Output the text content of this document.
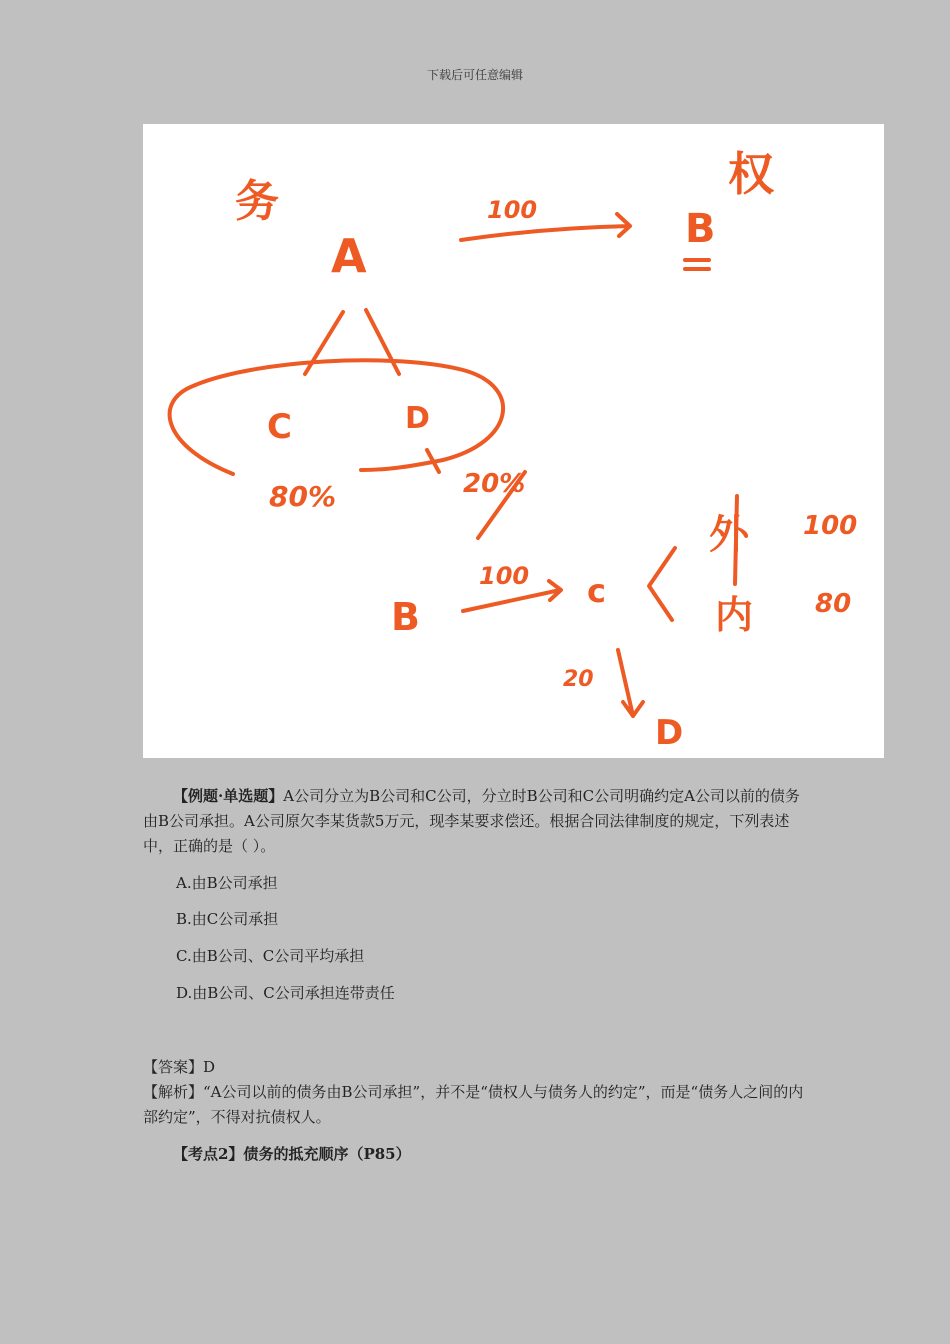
下载后可任意编辑
务
权
A	B
100
C	D
80%	20%
B
100 c
外
内
100
80
20
D

【例题·单选题】A公司分立为B公司和C公司，分立时B公司和C公司明确约定A公司以前的债务由B公司承担。A公司原欠李某货款5万元，现李某要求偿还。根据合同法律制度的规定，下列表述中，正确的是（ ）。

A.由B公司承担

B.由C公司承担

C.由B公司、C公司平均承担

D.由B公司、C公司承担连带责任

【答案】D

【解析】“A公司以前的债务由B公司承担”，并不是“债权人与债务人的约定”，而是“债务人之间的内部约定”，不得对抗债权人。

【考点2】债务的抵充顺序（P85）
